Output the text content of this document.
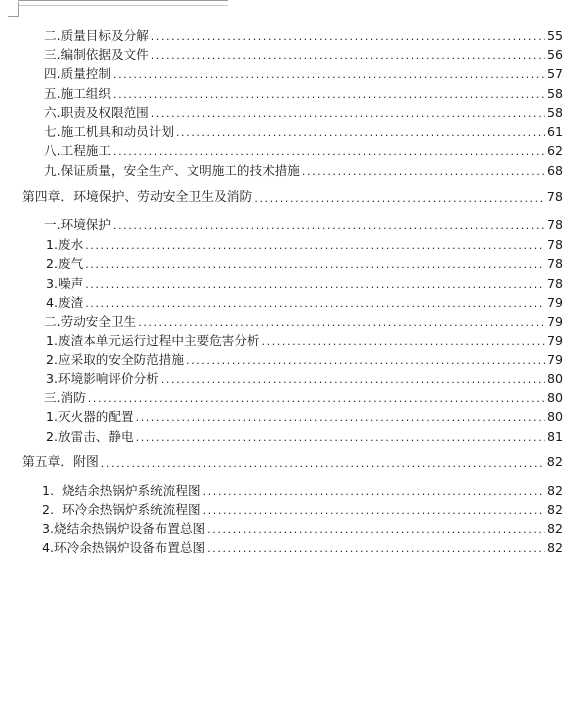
二.质量目标及分解 .....	55
三.编制依据及文件 .....	56
四.质量控制 .....	57
五.施工组织 .....	58
六.职责及权限范围 .....	58
七.施工机具和动员计划 .....	61
八.工程施工 .....	62
九.保证质量，安全生产、文明施工的技术措施 .....	68
第四章．环境保护、劳动安全卫生及消防 .....	78
一.环境保护 .....	78
1.废水 .....	78
2.废气 .....	78
3.噪声 .....	78
4.废渣 .....	79
二.劳动安全卫生 .....	79
1.废渣本单元运行过程中主要危害分析 .....	79
2.应采取的安全防范措施 .....	79
3.环境影响评价分析 .....	80
三.消防 .....	80
1.灭火器的配置 .....	80
2.放雷击、静电 .....	81
第五章．附图 .....	82
1.  烧结余热锅炉系统流程图 .....	82
2.  环冷余热锅炉系统流程图 .....	82
3.烧结余热锅炉设备布置总图 .....	82
4.环冷余热锅炉设备布置总图 .....	82
